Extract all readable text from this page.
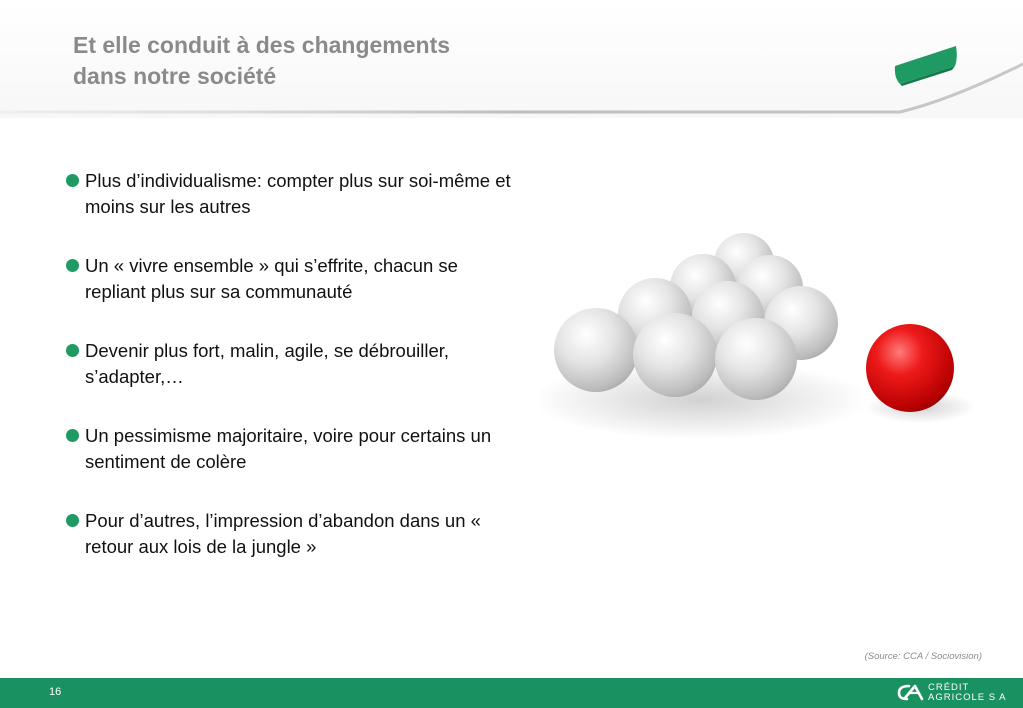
Et elle conduit à des changements
dans notre société
Plus d’individualisme: compter plus sur soi-même et moins sur les autres
Un « vivre ensemble » qui s’effrite, chacun se repliant plus sur sa communauté
Devenir plus fort, malin, agile, se débrouiller, s’adapter,…
Un pessimisme majoritaire, voire pour certains un sentiment de colère
Pour d’autres, l’impression d’abandon dans un « retour aux lois de la jungle »
(Source: CCA / Sociovision)
16	CRÉDIT
AGRICOLE S A
